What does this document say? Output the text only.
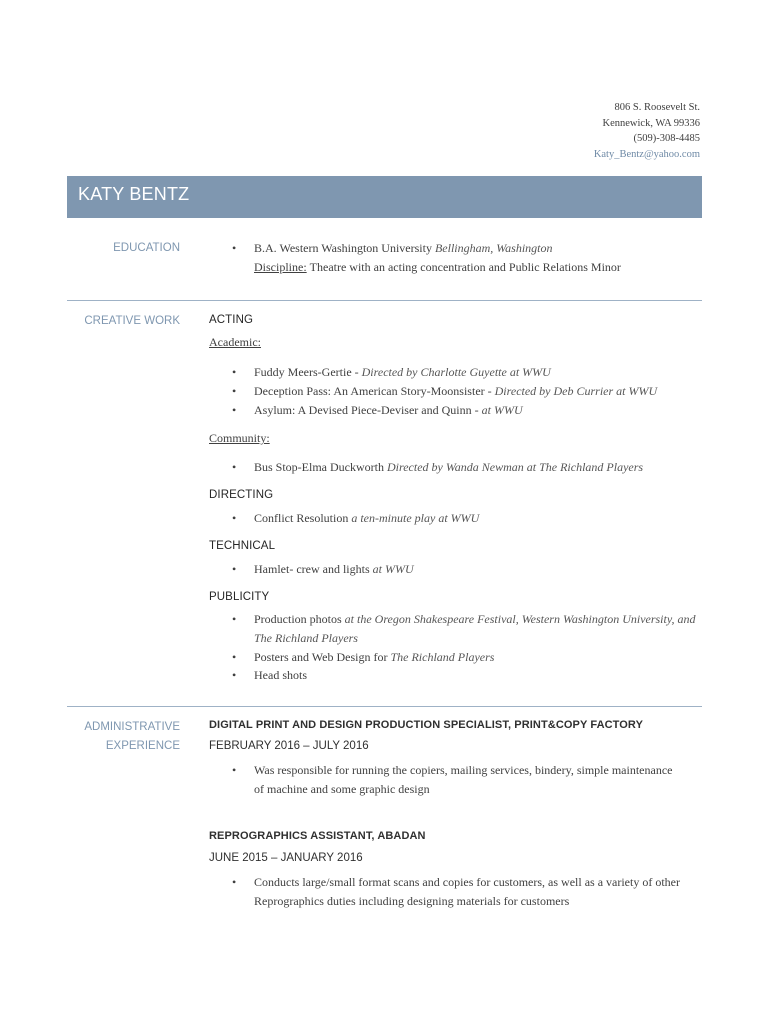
806 S. Roosevelt St.
Kennewick, WA 99336
(509)-308-4485
Katy_Bentz@yahoo.com
KATY BENTZ
EDUCATION	• B.A. Western Washington University Bellingham, Washington
Discipline: Theatre with an acting concentration and Public Relations Minor
CREATIVE WORK	ACTING
Academic:
• Fuddy Meers-Gertie - Directed by Charlotte Guyette at WWU
• Deception Pass: An American Story-Moonsister - Directed by Deb Currier at WWU
• Asylum: A Devised Piece-Deviser and Quinn - at WWU
Community:
• Bus Stop-Elma Duckworth Directed by Wanda Newman at The Richland Players
DIRECTING
• Conflict Resolution a ten-minute play at WWU
TECHNICAL
• Hamlet- crew and lights at WWU
PUBLICITY
• Production photos at the Oregon Shakespeare Festival, Western Washington University, and The Richland Players
• Posters and Web Design for The Richland Players
• Head shots
ADMINISTRATIVE
EXPERIENCE
DIGITAL PRINT AND DESIGN PRODUCTION SPECIALIST, PRINT&COPY FACTORY
FEBRUARY 2016 – JULY 2016
• Was responsible for running the copiers, mailing services, bindery, simple maintenance of machine and some graphic design
REPROGRAPHICS ASSISTANT, ABADAN
JUNE 2015 – JANUARY 2016
• Conducts large/small format scans and copies for customers, as well as a variety of other Reprographics duties including designing materials for customers
